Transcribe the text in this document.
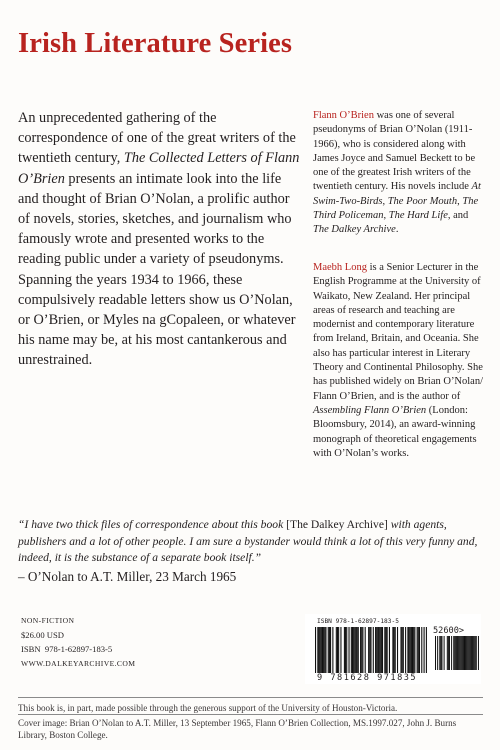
Irish Literature Series

An unprecedented gathering of the correspondence of one of the great writers of the twentieth century, The Collected Letters of Flann O’Brien presents an intimate look into the life and thought of Brian O’Nolan, a prolific author of novels, stories, sketches, and journalism who famously wrote and presented works to the reading public under a variety of pseudonyms. Spanning the years 1934 to 1966, these compulsively readable letters show us O’Nolan, or O’Brien, or Myles na gCopaleen, or whatever his name may be, at his most cantankerous and unrestrained.

Flann O’Brien was one of several pseudonyms of Brian O’Nolan (1911-1966), who is considered along with James Joyce and Samuel Beckett to be one of the greatest Irish writers of the twentieth century. His novels include At Swim-Two-Birds, The Poor Mouth, The Third Policeman, The Hard Life, and The Dalkey Archive.

Maebh Long is a Senior Lecturer in the English Programme at the University of Waikato, New Zealand. Her principal areas of research and teaching are modernist and contemporary literature from Ireland, Britain, and Oceania. She also has particular interest in Literary Theory and Continental Philosophy. She has published widely on Brian O’Nolan/ Flann O’Brien, and is the author of Assembling Flann O’Brien (London: Bloomsbury, 2014), an award-winning monograph of theoretical engagements with O’Nolan’s works.

“I have two thick files of correspondence about this book [The Dalkey Archive] with agents, publishers and a lot of other people. I am sure a bystander would think a lot of this very funny and, indeed, it is the substance of a separate book itself.”

– O’Nolan to A.T. Miller, 23 March 1965

NON-FICTION
$26.00 USD
ISBN 978-1-62897-183-5
WWW.DALKEYARCHIVE.COM
ISBN 978-1-62897-183-5
52600>
9 781628 971835

This book is, in part, made possible through the generous support of the University of Houston-Victoria.

Cover image: Brian O’Nolan to A.T. Miller, 13 September 1965, Flann O’Brien Collection, MS.1997.027, John J. Burns Library, Boston College.
